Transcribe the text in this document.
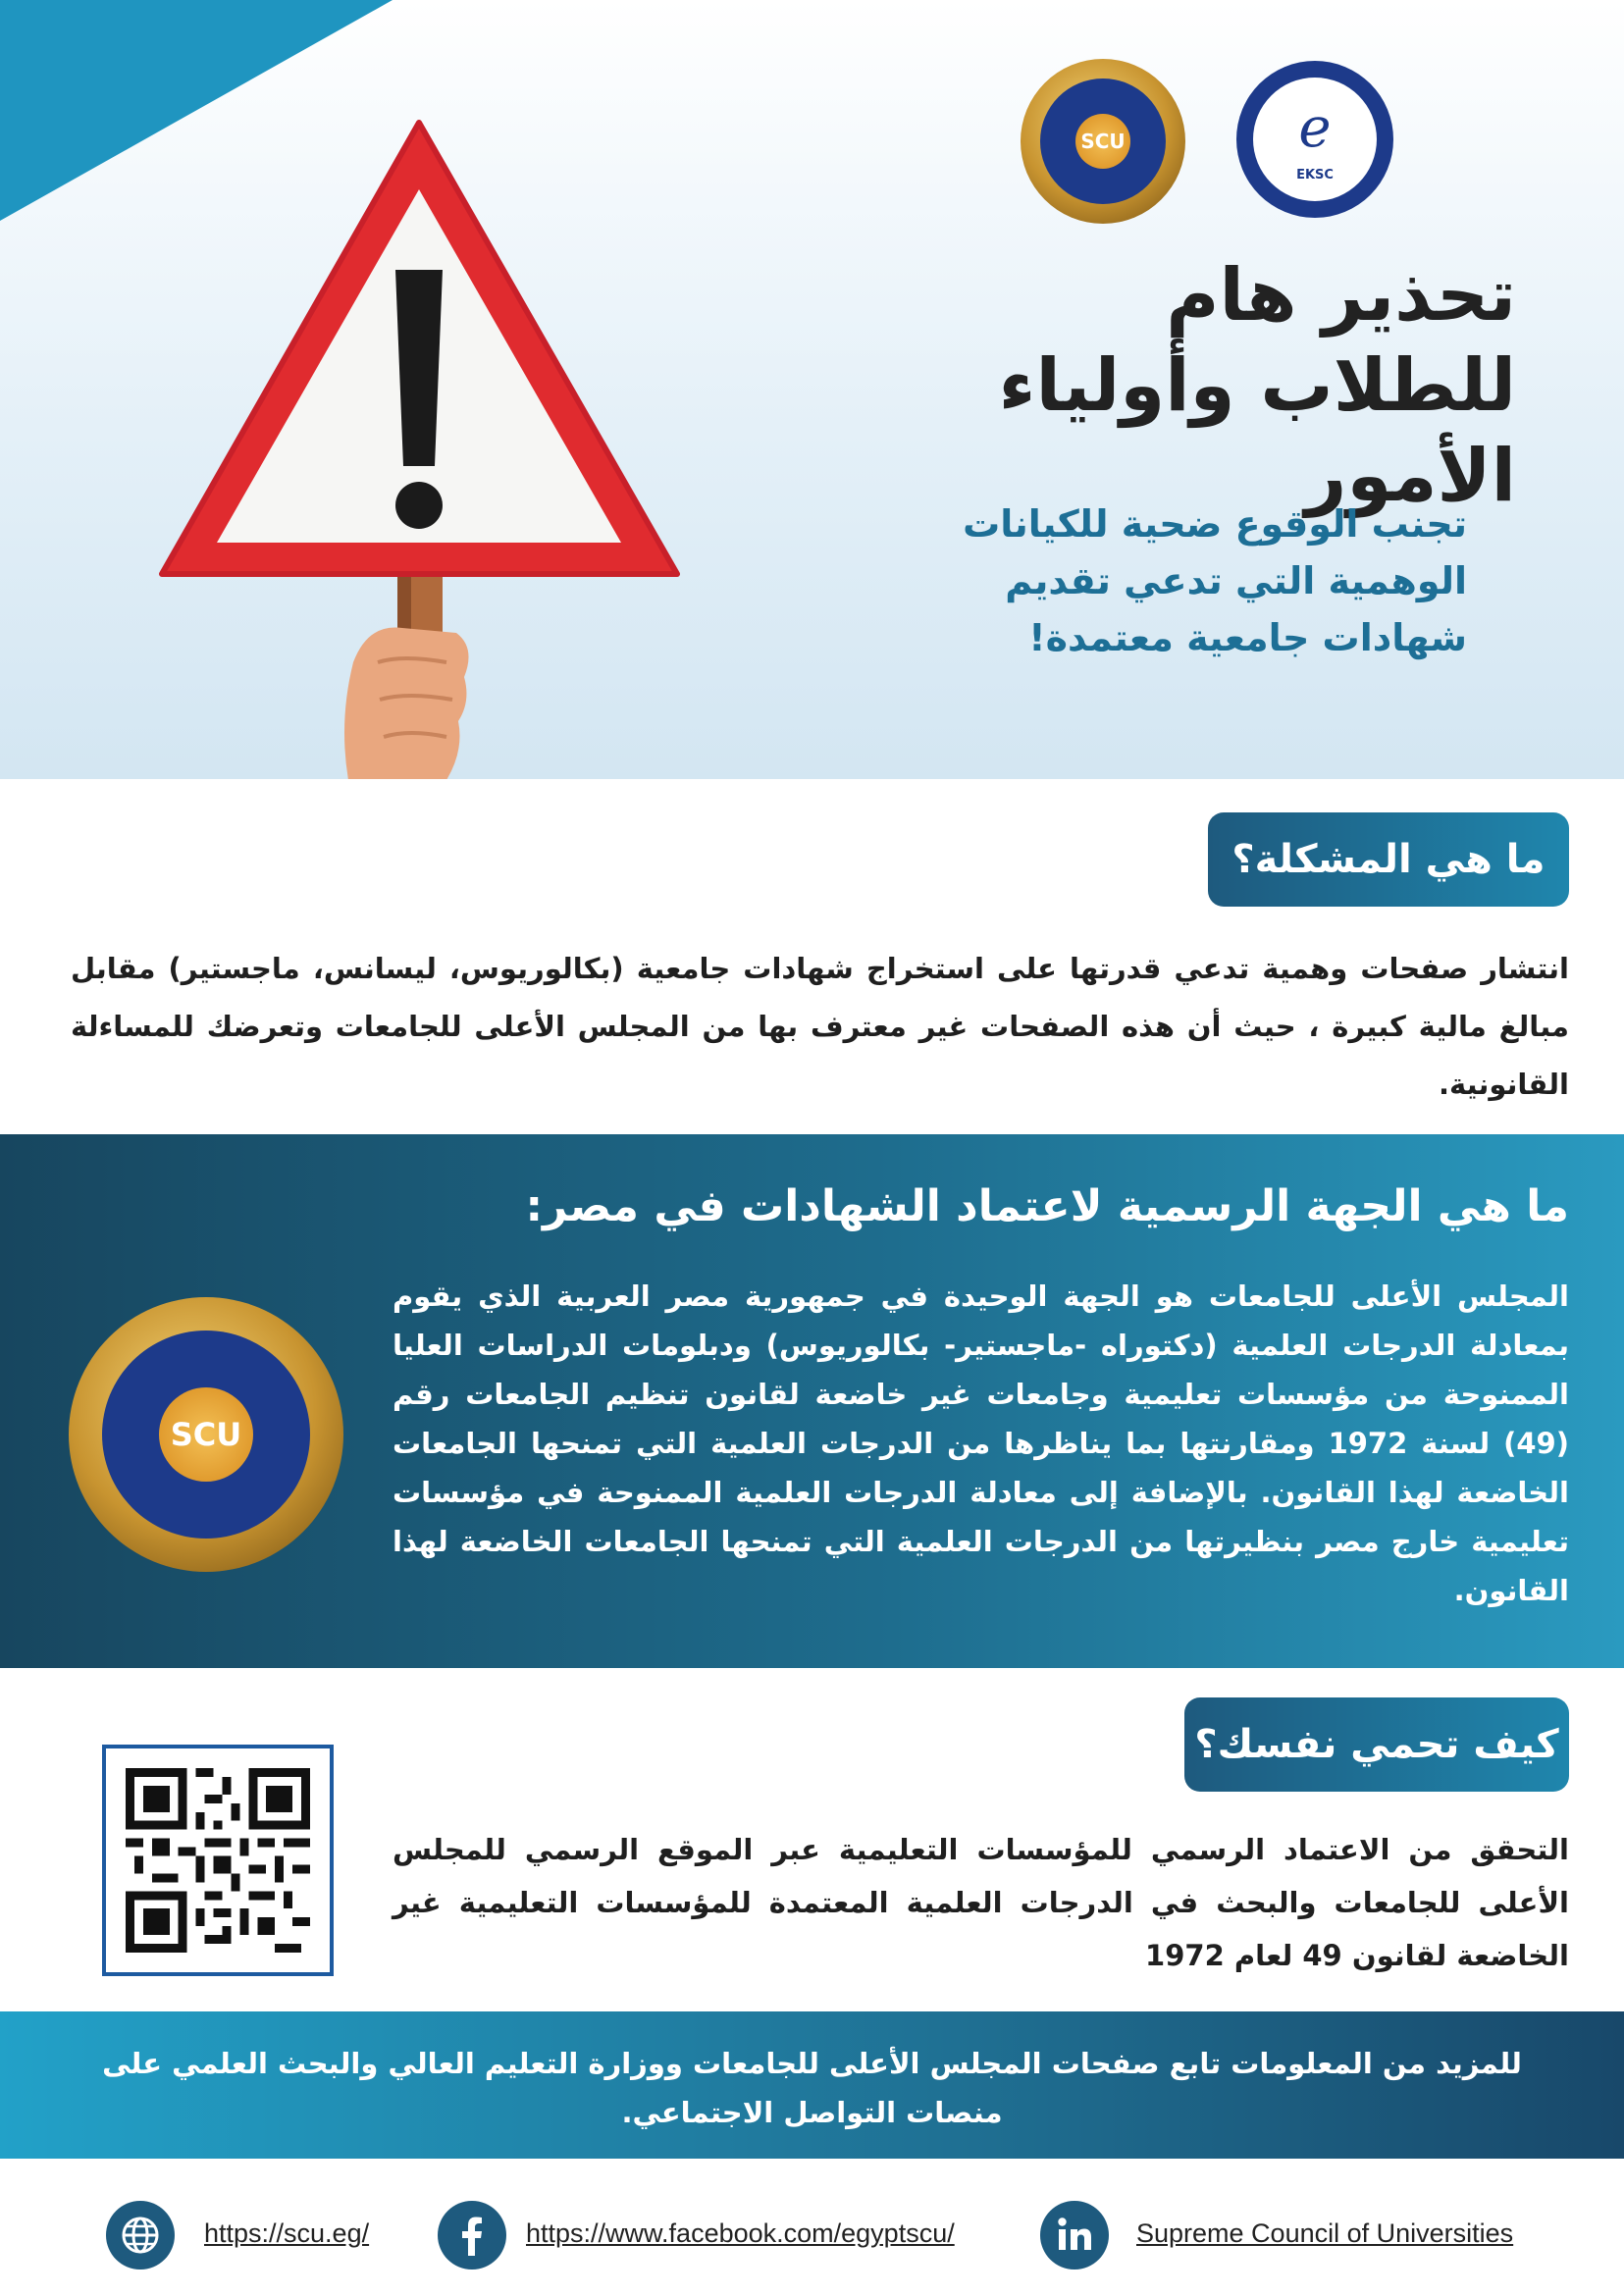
SCU	e
EKSC
تحذير هام للطلاب وأولياء الأمور

تجنب الوقوع ضحية للكيانات الوهمية التي تدعي تقديم شهادات جامعية معتمدة!

ما هي المشكلة؟

انتشار صفحات وهمية تدعي قدرتها على استخراج شهادات جامعية (بكالوريوس، ليسانس، ماجستير) مقابل مبالغ مالية كبيرة ، حيث أن هذه الصفحات غير معترف بها من المجلس الأعلى للجامعات وتعرضك للمساءلة القانونية.

ما هي الجهة الرسمية لاعتماد الشهادات في مصر:

المجلس الأعلى للجامعات هو الجهة الوحيدة في جمهورية مصر العربية الذي يقوم بمعادلة الدرجات العلمية (دكتوراه -ماجستير- بكالوريوس) ودبلومات الدراسات العليا الممنوحة من مؤسسات تعليمية وجامعات غير خاضعة لقانون تنظيم الجامعات رقم (49) لسنة 1972 ومقارنتها بما يناظرها من الدرجات العلمية التي تمنحها الجامعات الخاضعة لهذا القانون. بالإضافة إلى معادلة الدرجات العلمية الممنوحة في مؤسسات تعليمية خارج مصر بنظيرتها من الدرجات العلمية التي تمنحها الجامعات الخاضعة لهذا القانون.

SCU
كيف تحمي نفسك؟

التحقق من الاعتماد الرسمي للمؤسسات التعليمية عبر الموقع الرسمي للمجلس الأعلى للجامعات والبحث في الدرجات العلمية المعتمدة للمؤسسات التعليمية غير الخاضعة لقانون 49 لعام 1972

للمزيد من المعلومات تابع صفحات المجلس الأعلى للجامعات ووزارة التعليم العالي والبحث العلمي على منصات التواصل الاجتماعي.

https://scu.eg/	https://www.facebook.com/egyptscu/	Supreme Council of Universities
